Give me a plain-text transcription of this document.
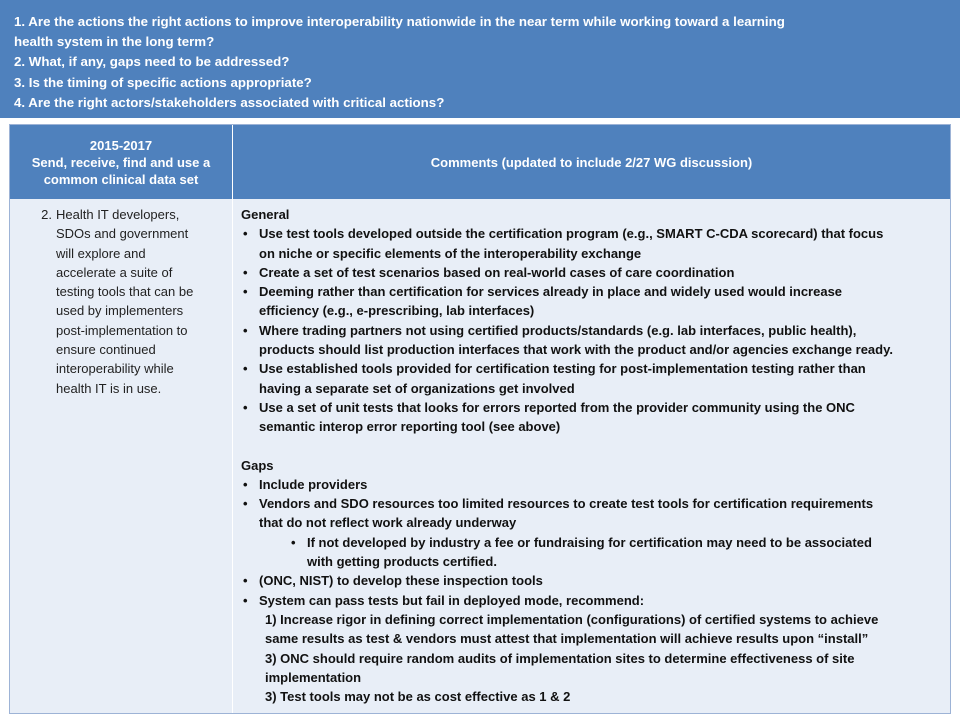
1. Are the actions the right actions to improve interoperability nationwide in the near term while working toward a learning
health system in the long term?
2. What, if any, gaps need to be addressed?
3. Is the timing of specific actions appropriate?
4. Are the right actors/stakeholders associated with critical actions?
2015-2017
Send, receive, find and use a
common clinical data set
Comments (updated to include 2/27 WG discussion)
2. Health IT developers,
SDOs and government
will explore and
accelerate a suite of
testing tools that can be
used by implementers
post-implementation to
ensure continued
interoperability while
health IT is in use.
General
• Use test tools developed outside the certification program (e.g., SMART C-CDA scorecard) that focus
on niche or specific elements of the interoperability exchange
• Create a set of test scenarios based on real-world cases of care coordination
• Deeming rather than certification for services already in place and widely used would increase
efficiency (e.g., e-prescribing, lab interfaces)
• Where trading partners not using certified products/standards (e.g. lab interfaces, public health),
products should list production interfaces that work with the product and/or agencies exchange ready.
• Use established tools provided for certification testing for post-implementation testing rather than
having a separate set of organizations get involved
• Use a set of unit tests that looks for errors reported from the provider community using the ONC
semantic interop error reporting tool (see above)
Gaps
• Include providers
• Vendors and SDO resources too limited resources to create test tools for certification requirements
that do not reflect work already underway
• If not developed by industry a fee or fundraising for certification may need to be associated
with getting products certified.
• (ONC, NIST) to develop these inspection tools
• System can pass tests but fail in deployed mode, recommend:
1) Increase rigor in defining correct implementation (configurations) of certified systems to achieve
same results as test & vendors must attest that implementation will achieve results upon “install”
3) ONC should require random audits of implementation sites to determine effectiveness of site
implementation
3) Test tools may not be as cost effective as 1 & 2
